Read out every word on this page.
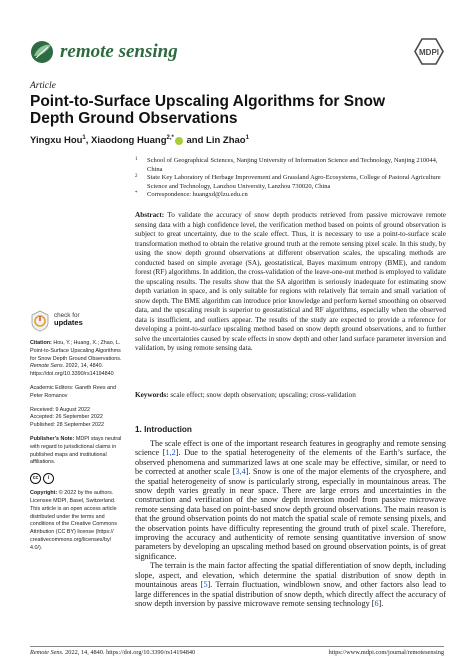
remote sensing	MDPI
Article
Point-to-Surface Upscaling Algorithms for Snow Depth Ground Observations
Yingxu Hou$^1$, Xiaodong Huang$^{2,*}$ and Lin Zhao$^1$
1 School of Geographical Sciences, Nanjing University of Information Science and Technology, Nanjing 210044, China
2 State Key Laboratory of Herbage Improvement and Grassland Agro-Ecosystems, College of Pastoral Agriculture Science and Technology, Lanzhou University, Lanzhou 730020, China
* Correspondence: huangxd@lzu.edu.cn
Abstract: To validate the accuracy of snow depth products retrieved from passive microwave remote sensing data with a high confidence level, the verification method based on points of ground observation is subject to great uncertainty, due to the scale effect. Thus, it is necessary to use a point-to-surface scale transformation method to obtain the relative ground truth at the remote sensing pixel scale. In this study, by using the snow depth ground observations at different observation scales, the upscaling methods are conducted based on simple average (SA), geostatistical, Bayes maximum entropy (BME), and random forest (RF) algorithms. In addition, the cross-validation of the leave-one-out method is employed to validate the upscaling results. The results show that the SA algorithm is seriously inadequate for estimating snow depth variation in space, and is only suitable for regions with relatively flat terrain and small variation of snow depth. The BME algorithm can introduce prior knowledge and perform kernel smoothing on observed data, and the upscaling result is superior to geostatistical and RF algorithms, especially when the observed data is insufficient, and outliers appear. The results of the study are expected to provide a reference for developing a point-to-surface upscaling method based on snow depth ground observations, and to further solve the uncertainties caused by scale effects in snow depth and other land surface parameter inversion and validation, by using remote sensing data.
Keywords: scale effect; snow depth observation; upscaling; cross-validation
1. Introduction

The scale effect is one of the important research features in geography and remote sensing science [1,2]. Due to the spatial heterogeneity of the elements of the Earth’s surface, the observed phenomena and summarized laws at one scale may be effective, similar, or need to be corrected at another scale [3,4]. Snow is one of the major elements of the cryosphere, and the spatial heterogeneity of snow is particularly strong, especially in mountainous areas. The snow depth varies greatly in near space. There are large errors and uncertainties in the construction and verification of the snow depth inversion model from passive microwave remote sensing data based on point-based snow depth ground observations. The main reason is that the ground observation points do not match the spatial scale of remote sensing pixels, and the observation points have difficulty representing the ground truth of pixel scale. Therefore, improving the accuracy and authenticity of remote sensing quantitative inversion of snow parameters by developing an upscaling method based on ground observation points, is of great significance.

The terrain is the main factor affecting the spatial differentiation of snow depth, including slope, aspect, and elevation, which determine the spatial distribution of snow depth in mountainous areas [5]. Terrain fluctuation, windblown snow, and other factors also lead to large differences in the spatial distribution of snow depth, which directly affect the accuracy of snow depth inversion by passive microwave remote sensing technology [6].

check for
updates
Citation: Hou, Y.; Huang, X.; Zhao, L. Point-to-Surface Upscaling Algorithms for Snow Depth Ground Observations. Remote Sens. 2022, 14, 4840. https://doi.org/10.3390/rs14194840
Academic Editors: Gareth Rees and Peter Romanov
Received: 9 August 2022
Accepted: 26 September 2022
Published: 28 September 2022
Publisher’s Note: MDPI stays neutral with regard to jurisdictional claims in published maps and institutional affiliations.
cc	i
Copyright: © 2022 by the authors. Licensee MDPI, Basel, Switzerland. This article is an open access article distributed under the terms and conditions of the Creative Commons Attribution (CC BY) license (https:// creativecommons.org/licenses/by/ 4.0/).
Remote Sens. 2022, 14, 4840. https://doi.org/10.3390/rs14194840	https://www.mdpi.com/journal/remotesensing
